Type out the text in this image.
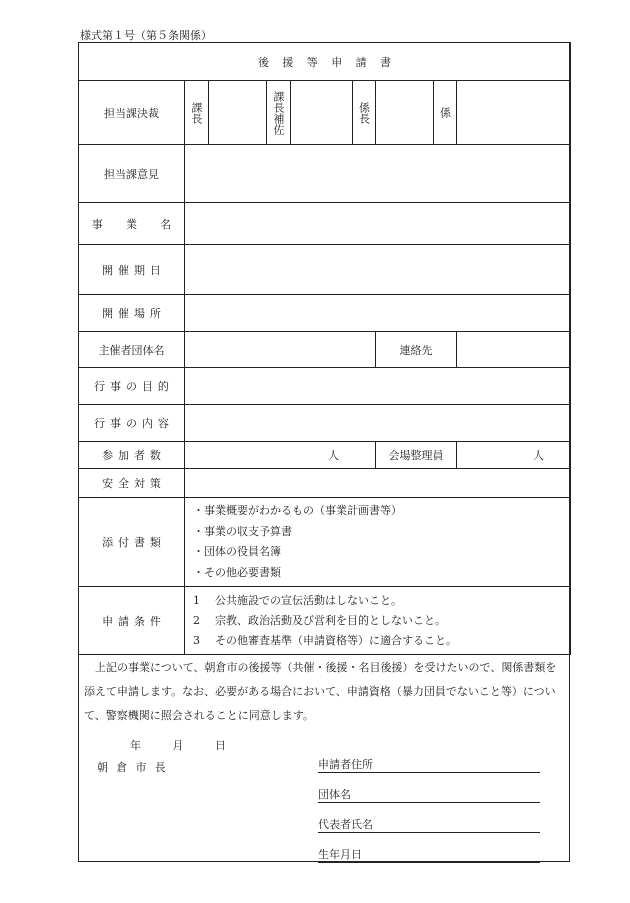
様式第１号（第５条関係）
後 援 等 申 請 書								
担当課決裁	課長		課長補佐		係長		係	

担当課意見								
事 業 名								
開催期日								
開催場所								
主催者団体名						連絡先		
行事の目的								
行事の内容								
参加者数	人					会場整理員		人
安全対策								
添付書類	・事業概要がわかるもの（事業計画書等）
・事業の収支予算書
・団体の役員名簿
・その他必要書類							

申請条件	1 公共施設での宣伝活動はしないこと。
2 宗教、政治活動及び営利を目的としないこと。
3 その他審査基準（申請資格等）に適合すること。							
上記の事業について、朝倉市の後援等（共催・後援・名目後援）を受けたいので、関係書類を添えて申請します。なお、必要がある場合において、申請資格（暴力団員でないこと等）について、警察機関に照会されることに同意します。
年	月	日
朝倉市長	申請者住所
団体名
代表者氏名
生年月日
